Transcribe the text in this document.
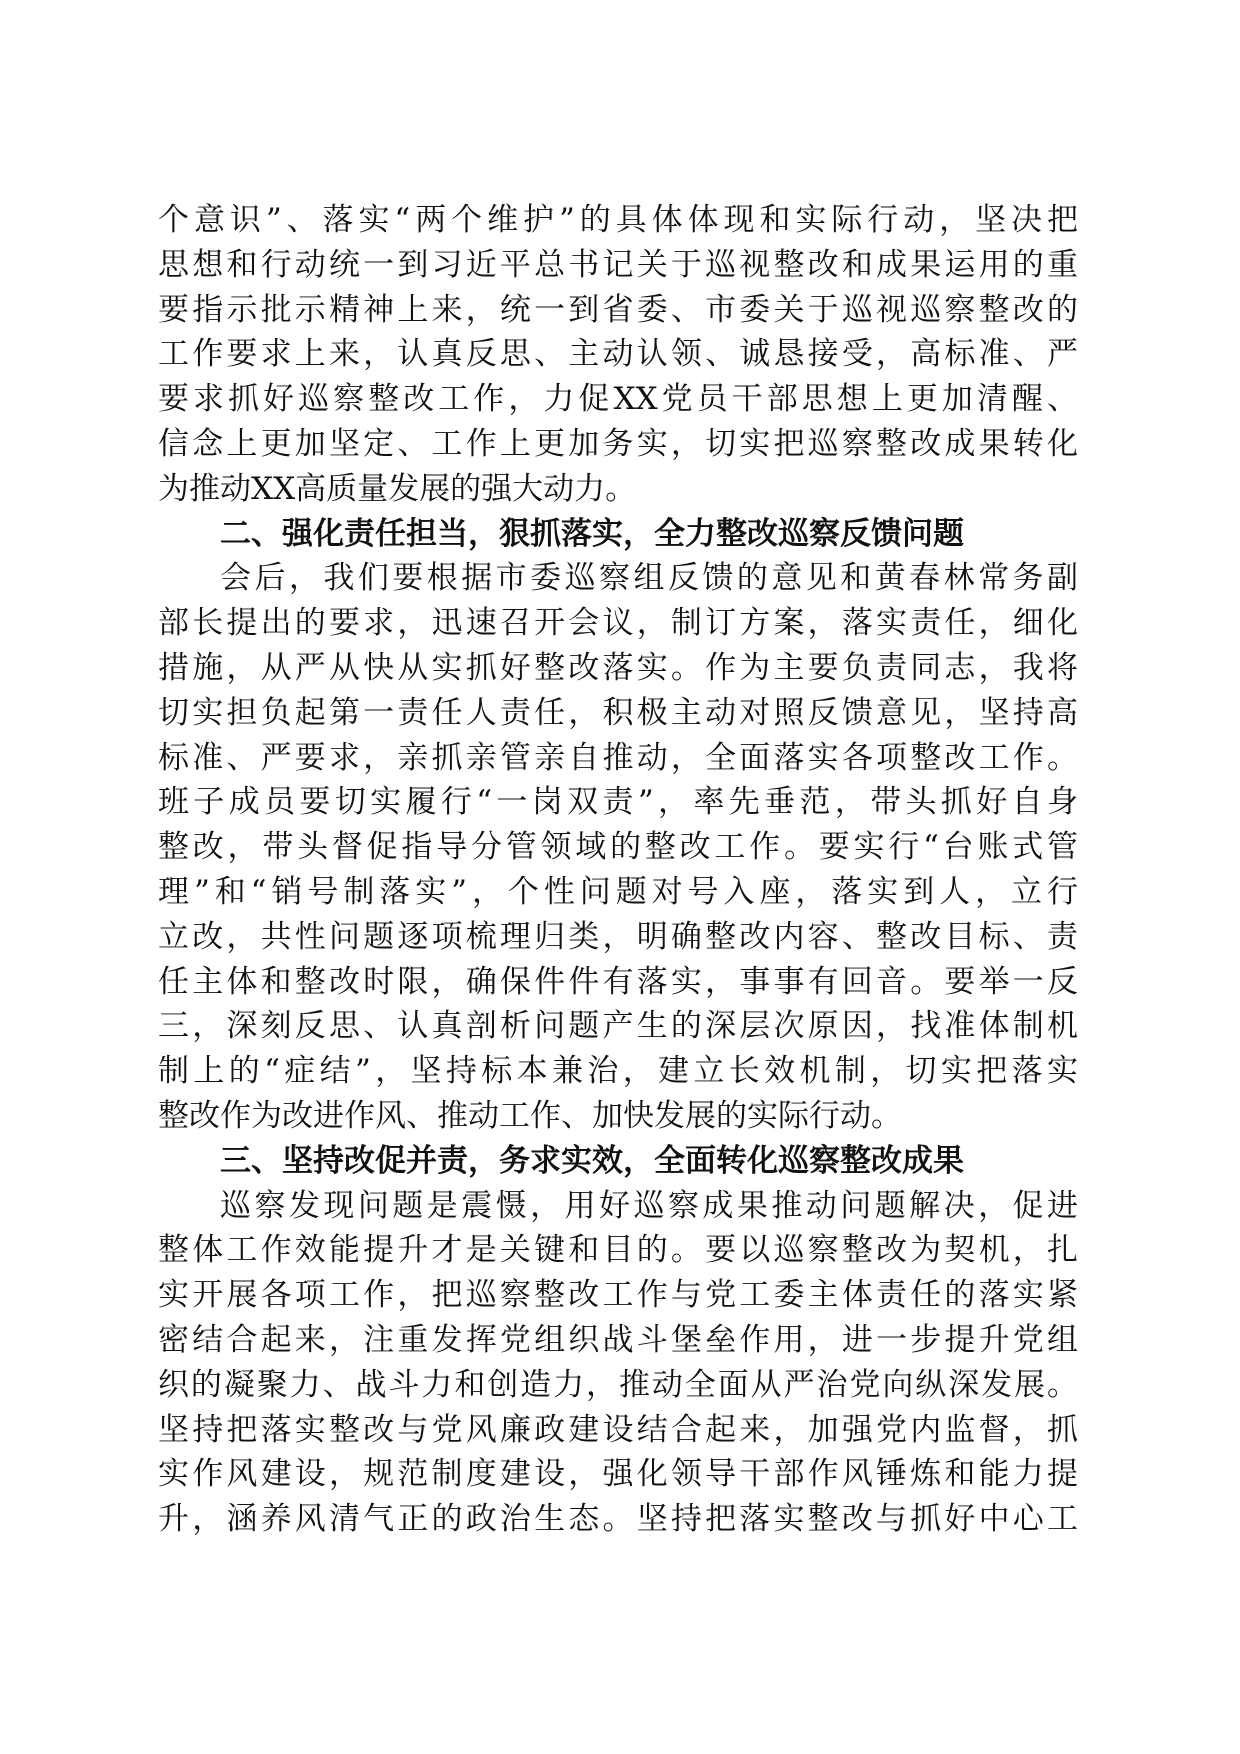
个意识”、落实“两个维护”的具体体现和实际行动，坚决把
思想和行动统一到习近平总书记关于巡视整改和成果运用的重
要指示批示精神上来，统一到省委、市委关于巡视巡察整改的
工作要求上来，认真反思、主动认领、诚恳接受，高标准、严
要求抓好巡察整改工作，力促XX党员干部思想上更加清醒、
信念上更加坚定、工作上更加务实，切实把巡察整改成果转化
为推动XX高质量发展的强大动力。
二、强化责任担当，狠抓落实，全力整改巡察反馈问题
会后，我们要根据市委巡察组反馈的意见和黄春林常务副
部长提出的要求，迅速召开会议，制订方案，落实责任，细化
措施，从严从快从实抓好整改落实。作为主要负责同志，我将
切实担负起第一责任人责任，积极主动对照反馈意见，坚持高
标准、严要求，亲抓亲管亲自推动，全面落实各项整改工作。
班子成员要切实履行“一岗双责”，率先垂范，带头抓好自身
整改，带头督促指导分管领域的整改工作。要实行“台账式管
理”和“销号制落实”，个性问题对号入座，落实到人，立行
立改，共性问题逐项梳理归类，明确整改内容、整改目标、责
任主体和整改时限，确保件件有落实，事事有回音。要举一反
三，深刻反思、认真剖析问题产生的深层次原因，找准体制机
制上的“症结”，坚持标本兼治，建立长效机制，切实把落实
整改作为改进作风、推动工作、加快发展的实际行动。
三、坚持改促并责，务求实效，全面转化巡察整改成果
巡察发现问题是震慑，用好巡察成果推动问题解决，促进
整体工作效能提升才是关键和目的。要以巡察整改为契机，扎
实开展各项工作，把巡察整改工作与党工委主体责任的落实紧
密结合起来，注重发挥党组织战斗堡垒作用，进一步提升党组
织的凝聚力、战斗力和创造力，推动全面从严治党向纵深发展。
坚持把落实整改与党风廉政建设结合起来，加强党内监督，抓
实作风建设，规范制度建设，强化领导干部作风锤炼和能力提
升，涵养风清气正的政治生态。坚持把落实整改与抓好中心工
